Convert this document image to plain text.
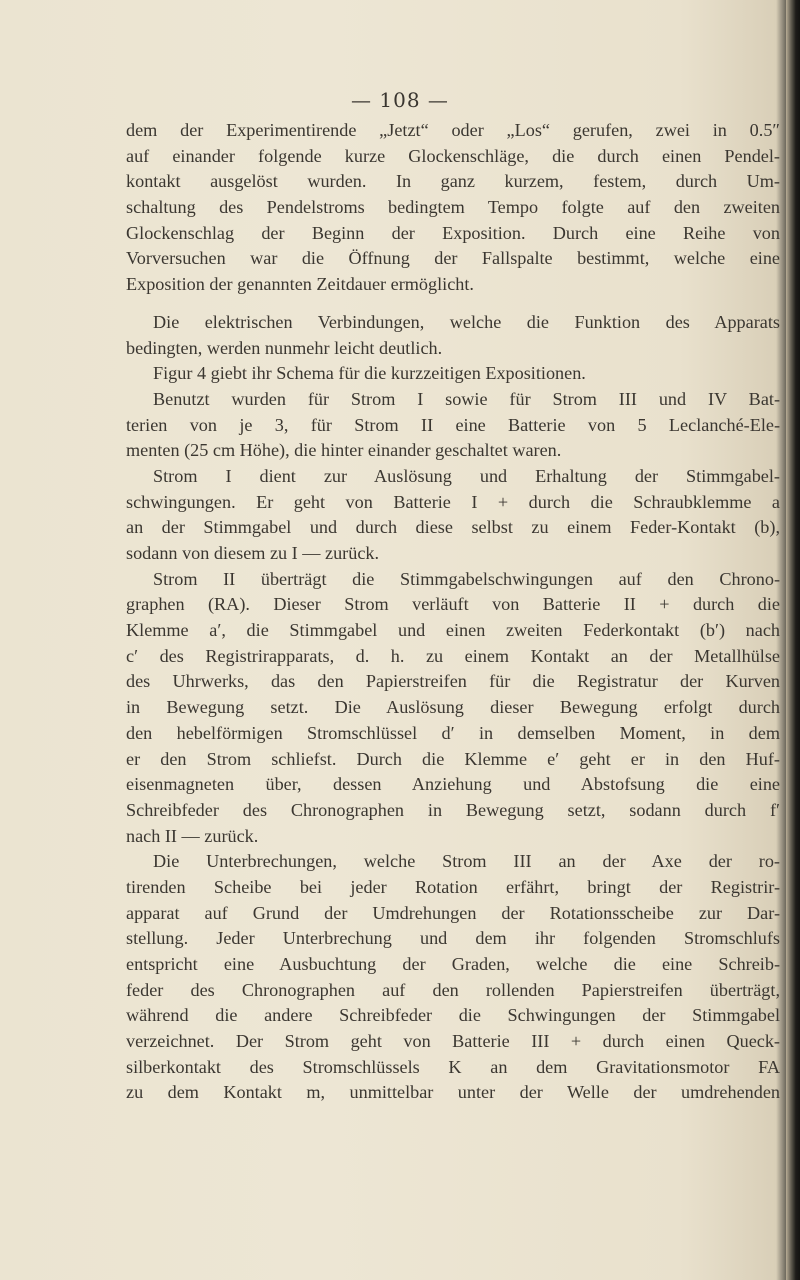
— 108 —
dem der Experimentirende „Jetzt“ oder „Los“ gerufen, zwei in 0.5″
auf einander folgende kurze Glockenschläge, die durch einen Pendel-
kontakt ausgelöst wurden. In ganz kurzem, festem, durch Um-
schaltung des Pendelstroms bedingtem Tempo folgte auf den zweiten
Glockenschlag der Beginn der Exposition. Durch eine Reihe von
Vorversuchen war die Öffnung der Fallspalte bestimmt, welche eine
Exposition der genannten Zeitdauer ermöglicht.
Die elektrischen Verbindungen, welche die Funktion des Apparats
bedingten, werden nunmehr leicht deutlich.
Figur 4 giebt ihr Schema für die kurzzeitigen Expositionen.
Benutzt wurden für Strom I sowie für Strom III und IV Bat-
terien von je 3, für Strom II eine Batterie von 5 Leclanché-Ele-
menten (25 cm Höhe), die hinter einander geschaltet waren.
Strom I dient zur Auslösung und Erhaltung der Stimmgabel-
schwingungen. Er geht von Batterie I + durch die Schraubklemme a
an der Stimmgabel und durch diese selbst zu einem Feder-Kontakt (b),
sodann von diesem zu I — zurück.
Strom II überträgt die Stimmgabelschwingungen auf den Chrono-
graphen (RA). Dieser Strom verläuft von Batterie II + durch die
Klemme a′, die Stimmgabel und einen zweiten Federkontakt (b′) nach
c′ des Registrirapparats, d. h. zu einem Kontakt an der Metallhülse
des Uhrwerks, das den Papierstreifen für die Registratur der Kurven
in Bewegung setzt. Die Auslösung dieser Bewegung erfolgt durch
den hebelförmigen Stromschlüssel d′ in demselben Moment, in dem
er den Strom schliefst. Durch die Klemme e′ geht er in den Huf-
eisenmagneten über, dessen Anziehung und Abstofsung die eine
Schreibfeder des Chronographen in Bewegung setzt, sodann durch f′
nach II — zurück.
Die Unterbrechungen, welche Strom III an der Axe der ro-
tirenden Scheibe bei jeder Rotation erfährt, bringt der Registrir-
apparat auf Grund der Umdrehungen der Rotationsscheibe zur Dar-
stellung. Jeder Unterbrechung und dem ihr folgenden Stromschlufs
entspricht eine Ausbuchtung der Graden, welche die eine Schreib-
feder des Chronographen auf den rollenden Papierstreifen überträgt,
während die andere Schreibfeder die Schwingungen der Stimmgabel
verzeichnet. Der Strom geht von Batterie III + durch einen Queck-
silberkontakt des Stromschlüssels K an dem Gravitationsmotor FA
zu dem Kontakt m, unmittelbar unter der Welle der umdrehenden
